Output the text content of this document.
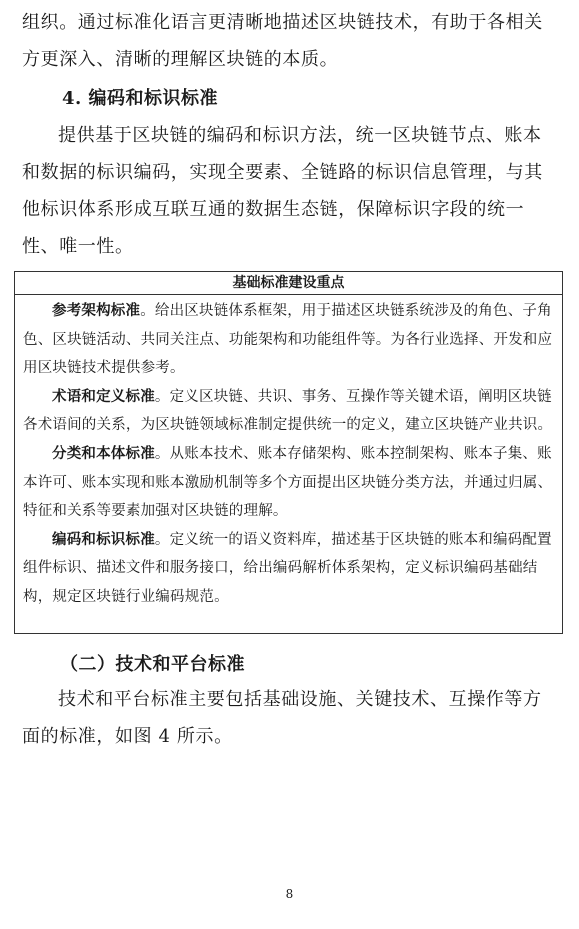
组织。通过标准化语言更清晰地描述区块链技术，有助于各相关方更深入、清晰的理解区块链的本质。

4. 编码和标识标准

提供基于区块链的编码和标识方法，统一区块链节点、账本和数据的标识编码，实现全要素、全链路的标识信息管理，与其他标识体系形成互联互通的数据生态链，保障标识字段的统一性、唯一性。

基础标准建设重点

参考架构标准。给出区块链体系框架，用于描述区块链系统涉及的角色、子角色、区块链活动、共同关注点、功能架构和功能组件等。为各行业选择、开发和应用区块链技术提供参考。

术语和定义标准。定义区块链、共识、事务、互操作等关键术语，阐明区块链各术语间的关系，为区块链领域标准制定提供统一的定义，建立区块链产业共识。

分类和本体标准。从账本技术、账本存储架构、账本控制架构、账本子集、账本许可、账本实现和账本激励机制等多个方面提出区块链分类方法，并通过归属、特征和关系等要素加强对区块链的理解。

编码和标识标准。定义统一的语义资料库，描述基于区块链的账本和编码配置组件标识、描述文件和服务接口，给出编码解析体系架构，定义标识编码基础结构，规定区块链行业编码规范。

（二）技术和平台标准

技术和平台标准主要包括基础设施、关键技术、互操作等方面的标准，如图 4 所示。

8
